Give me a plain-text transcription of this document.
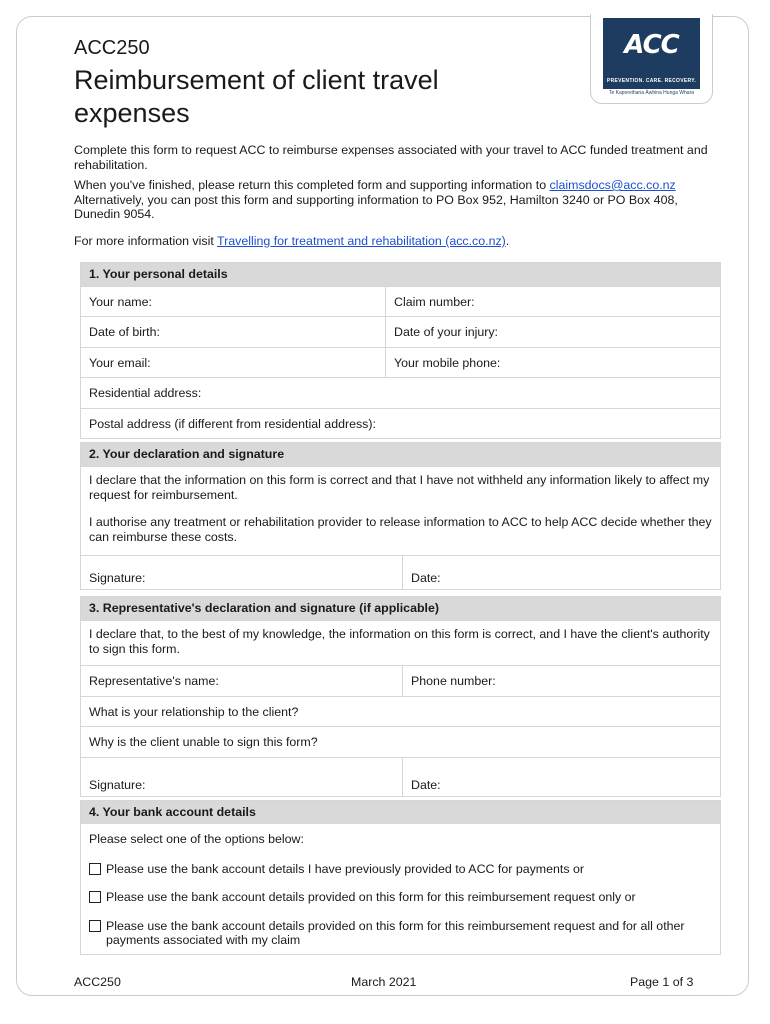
ACC250
Reimbursement of client travel expenses
ACC
PREVENTION. CARE. RECOVERY.
Te Kaporeihana Āwhina Hunga Whara

Complete this form to request ACC to reimburse expenses associated with your travel to ACC funded treatment and rehabilitation.

When you've finished, please return this completed form and supporting information to claimsdocs@acc.co.nz
Alternatively, you can post this form and supporting information to PO Box 952, Hamilton 3240 or PO Box 408, Dunedin 9054.

For more information visit Travelling for treatment and rehabilitation (acc.co.nz).

1. Your personal details
Your name:	Claim number:
Date of birth:	Date of your injury:
Your email:	Your mobile phone:
Residential address:
Postal address (if different from residential address):
2. Your declaration and signature

I declare that the information on this form is correct and that I have not withheld any information likely to affect my request for reimbursement.

I authorise any treatment or rehabilitation provider to release information to ACC to help ACC decide whether they can reimburse these costs.

Signature:	Date:
3. Representative's declaration and signature (if applicable)

I declare that, to the best of my knowledge, the information on this form is correct, and I have the client's authority to sign this form.

Representative's name:	Phone number:
What is your relationship to the client?
Why is the client unable to sign this form?
Signature:	Date:
4. Your bank account details

Please select one of the options below:

Please use the bank account details I have previously provided to ACC for payments or
Please use the bank account details provided on this form for this reimbursement request only or
Please use the bank account details provided on this form for this reimbursement request and for all other payments associated with my claim
ACC250	March 2021	Page 1 of 3
